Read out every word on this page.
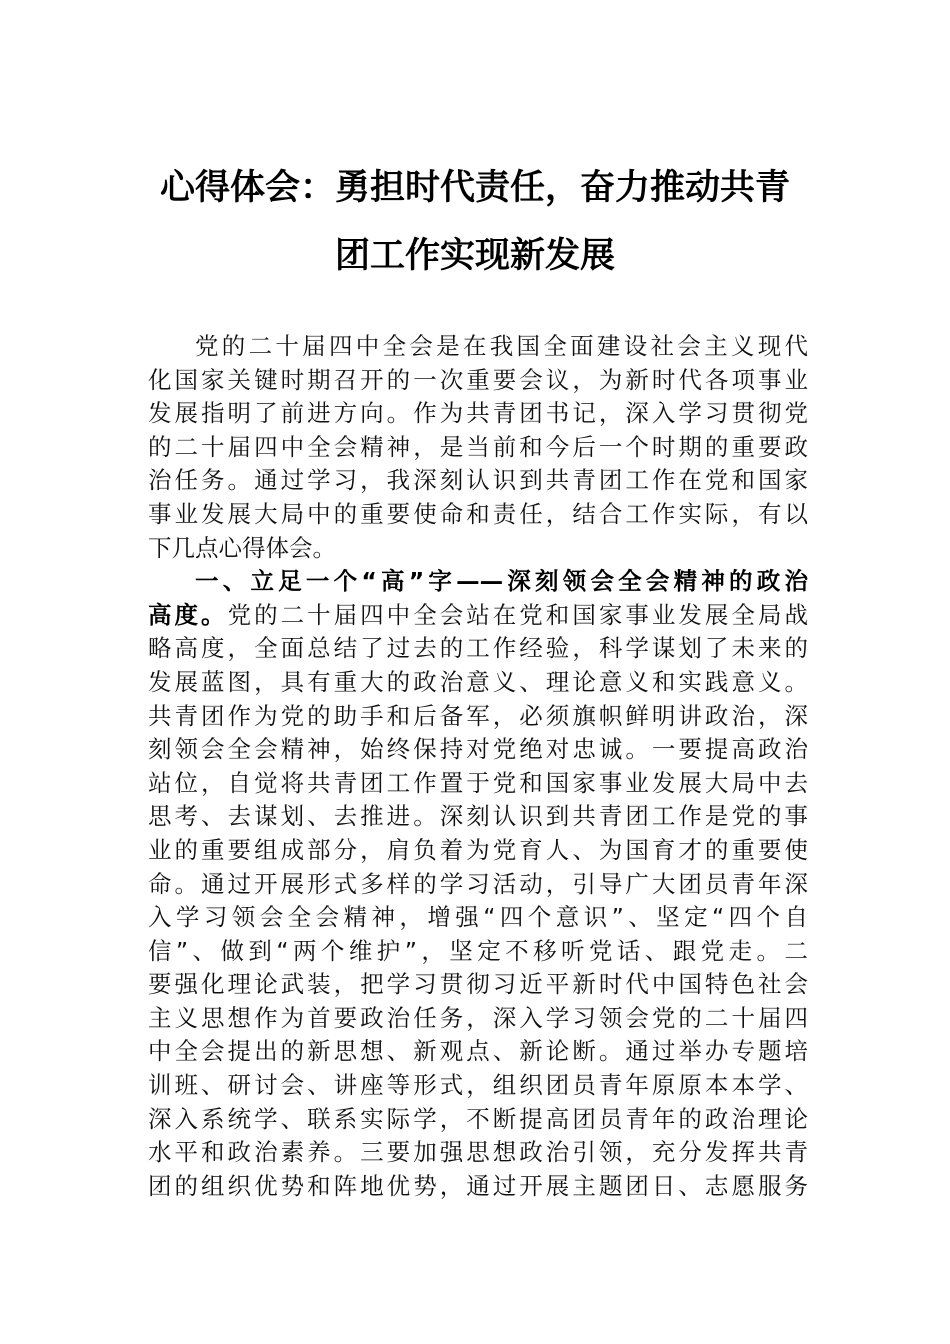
心得体会：勇担时代责任，奋力推动共青
团工作实现新发展
党的二十届四中全会是在我国全面建设社会主义现代
化国家关键时期召开的一次重要会议，为新时代各项事业
发展指明了前进方向。作为共青团书记，深入学习贯彻党
的二十届四中全会精神，是当前和今后一个时期的重要政
治任务。通过学习，我深刻认识到共青团工作在党和国家
事业发展大局中的重要使命和责任，结合工作实际，有以
下几点心得体会。
一、立足一个“高”字——深刻领会全会精神的政治
高度。党的二十届四中全会站在党和国家事业发展全局战
略高度，全面总结了过去的工作经验，科学谋划了未来的
发展蓝图，具有重大的政治意义、理论意义和实践意义。
共青团作为党的助手和后备军，必须旗帜鲜明讲政治，深
刻领会全会精神，始终保持对党绝对忠诚。一要提高政治
站位，自觉将共青团工作置于党和国家事业发展大局中去
思考、去谋划、去推进。深刻认识到共青团工作是党的事
业的重要组成部分，肩负着为党育人、为国育才的重要使
命。通过开展形式多样的学习活动，引导广大团员青年深
入学习领会全会精神，增强“四个意识”、坚定“四个自
信”、做到“两个维护”，坚定不移听党话、跟党走。二
要强化理论武装，把学习贯彻习近平新时代中国特色社会
主义思想作为首要政治任务，深入学习领会党的二十届四
中全会提出的新思想、新观点、新论断。通过举办专题培
训班、研讨会、讲座等形式，组织团员青年原原本本学、
深入系统学、联系实际学，不断提高团员青年的政治理论
水平和政治素养。三要加强思想政治引领，充分发挥共青
团的组织优势和阵地优势，通过开展主题团日、志愿服务
